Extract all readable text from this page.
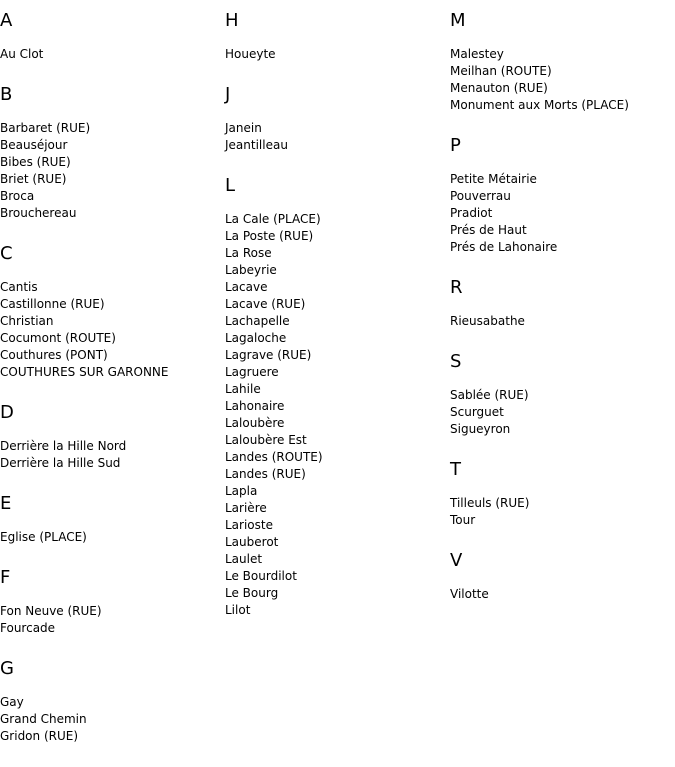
A
Au Clot
B
Barbaret (RUE)
Beauséjour
Bibes (RUE)
Briet (RUE)
Broca
Brouchereau
C
Cantis
Castillonne (RUE)
Christian
Cocumont (ROUTE)
Couthures (PONT)
COUTHURES SUR GARONNE
D
Derrière la Hille Nord
Derrière la Hille Sud
E
Eglise (PLACE)
F
Fon Neuve (RUE)
Fourcade
G
Gay
Grand Chemin
Gridon (RUE)
H
Houeyte
J
Janein
Jeantilleau
L
La Cale (PLACE)
La Poste (RUE)
La Rose
Labeyrie
Lacave
Lacave (RUE)
Lachapelle
Lagaloche
Lagrave (RUE)
Lagruere
Lahile
Lahonaire
Laloubère
Laloubère Est
Landes (ROUTE)
Landes (RUE)
Lapla
Larière
Larioste
Lauberot
Laulet
Le Bourdilot
Le Bourg
Lilot
M
Malestey
Meilhan (ROUTE)
Menauton (RUE)
Monument aux Morts (PLACE)
P
Petite Métairie
Pouverrau
Pradiot
Prés de Haut
Prés de Lahonaire
R
Rieusabathe
S
Sablée (RUE)
Scurguet
Sigueyron
T
Tilleuls (RUE)
Tour
V
Vilotte
